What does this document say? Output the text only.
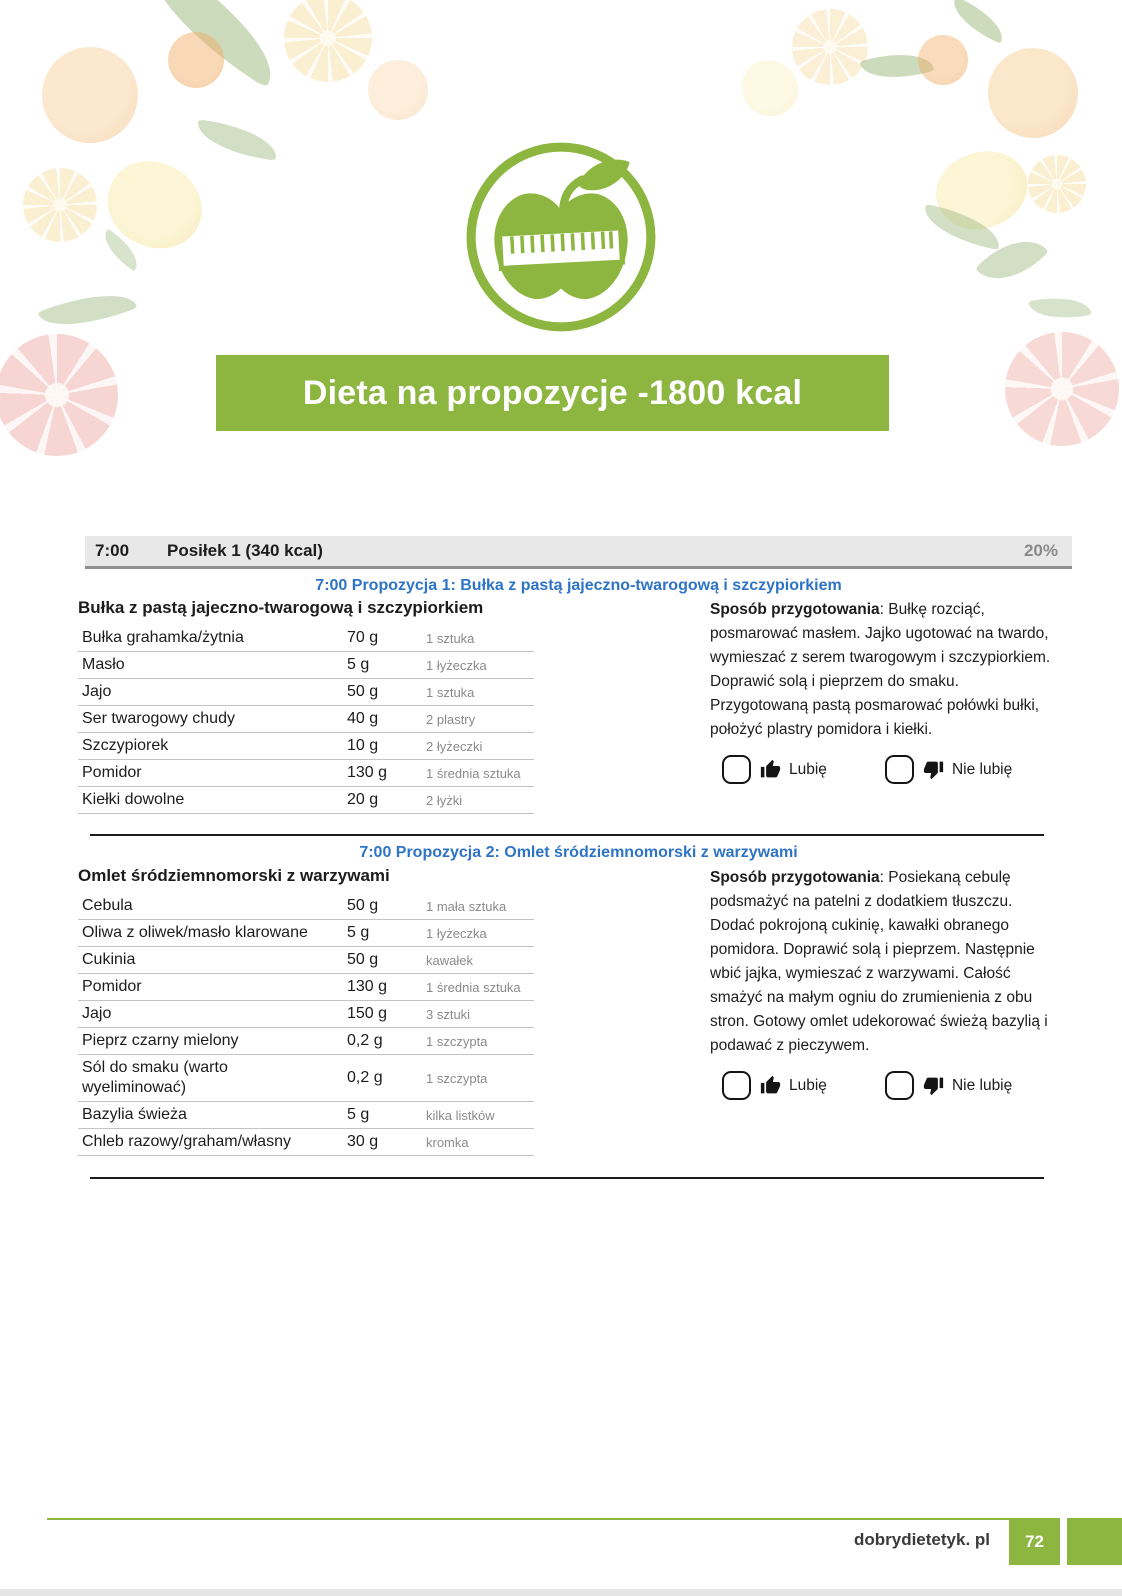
Dieta na propozycje -1800 kcal
7:00	Posiłek 1 (340 kcal)	20%
7:00 Propozycja 1: Bułka z pastą jajeczno-twarogową i szczypiorkiem
Bułka z pastą jajeczno-twarogową i szczypiorkiem
Bułka grahamka/żytnia	70 g	1 sztuka
Masło	5 g	1 łyżeczka
Jajo	50 g	1 sztuka
Ser twarogowy chudy	40 g	2 plastry
Szczypiorek	10 g	2 łyżeczki
Pomidor	130 g	1 średnia sztuka
Kiełki dowolne	20 g	2 łyżki
Sposób przygotowania: Bułkę rozciąć, posmarować masłem. Jajko ugotować na twardo, wymieszać z serem twarogowym i szczypiorkiem. Doprawić solą i pieprzem do smaku. Przygotowaną pastą posmarować połówki bułki, położyć plastry pomidora i kiełki.
Lubię	Nie lubię
7:00 Propozycja 2: Omlet śródziemnomorski z warzywami
Omlet śródziemnomorski z warzywami
Cebula	50 g	1 mała sztuka
Oliwa z oliwek/masło klarowane	5 g	1 łyżeczka
Cukinia	50 g	kawałek
Pomidor	130 g	1 średnia sztuka
Jajo	150 g	3 sztuki
Pieprz czarny mielony	0,2 g	1 szczypta
Sól do smaku (warto wyeliminować)
0,2 g	1 szczypta
Bazylia świeża	5 g	kilka listków
Chleb razowy/graham/własny	30 g	kromka
Sposób przygotowania: Posiekaną cebulę podsmażyć na patelni z dodatkiem tłuszczu. Dodać pokrojoną cukinię, kawałki obranego pomidora. Doprawić solą i pieprzem. Następnie wbić jajka, wymieszać z warzywami. Całość smażyć na małym ogniu do zrumienienia z obu stron. Gotowy omlet udekorować świeżą bazylią i podawać z pieczywem.
Lubię	Nie lubię
dobrydietetyk. pl	72
